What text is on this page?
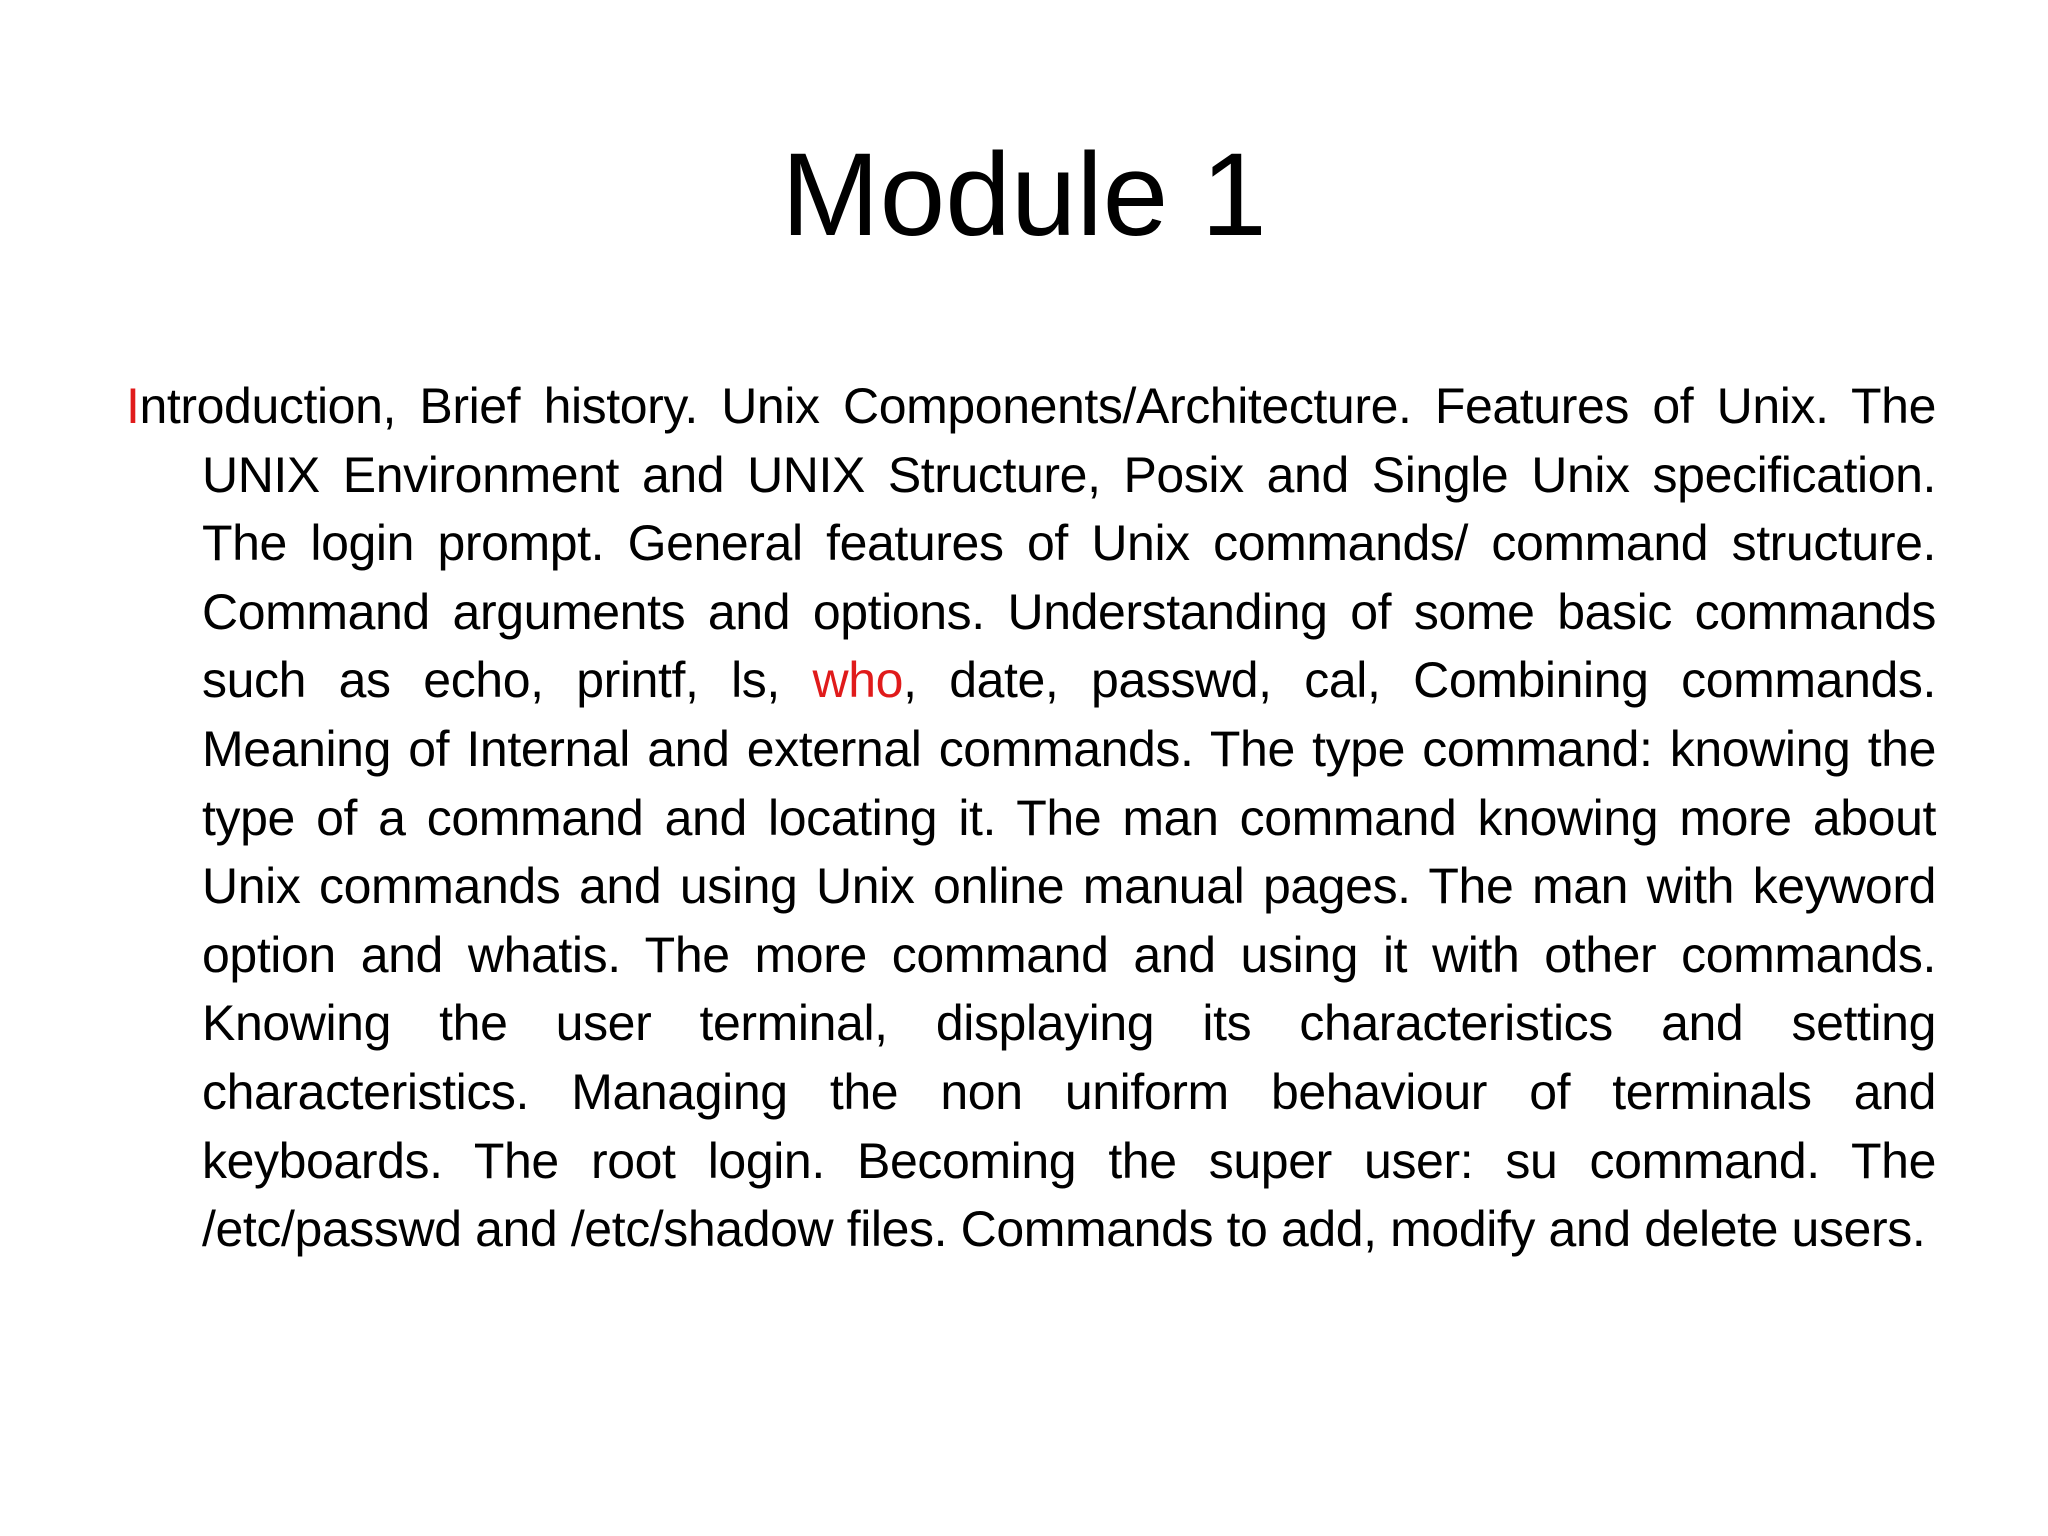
Module 1

Introduction, Brief history. Unix Components/Architecture. Features of Unix. The UNIX Environment and UNIX Structure, Posix and Single Unix specification. The login prompt. General features of Unix commands/ command structure. Command arguments and options. Understanding of some basic commands such as echo, printf, ls, who, date, passwd, cal, Combining commands. Meaning of Internal and external commands. The type command: knowing the type of a command and locating it. The man command knowing more about Unix commands and using Unix online manual pages. The man with keyword option and whatis. The more command and using it with other commands. Knowing the user terminal, displaying its characteristics and setting characteristics. Managing the non uniform behaviour of terminals and keyboards. The root login. Becoming the super user: su command. The /etc/passwd and /etc/shadow files. Commands to add, modify and delete users.
